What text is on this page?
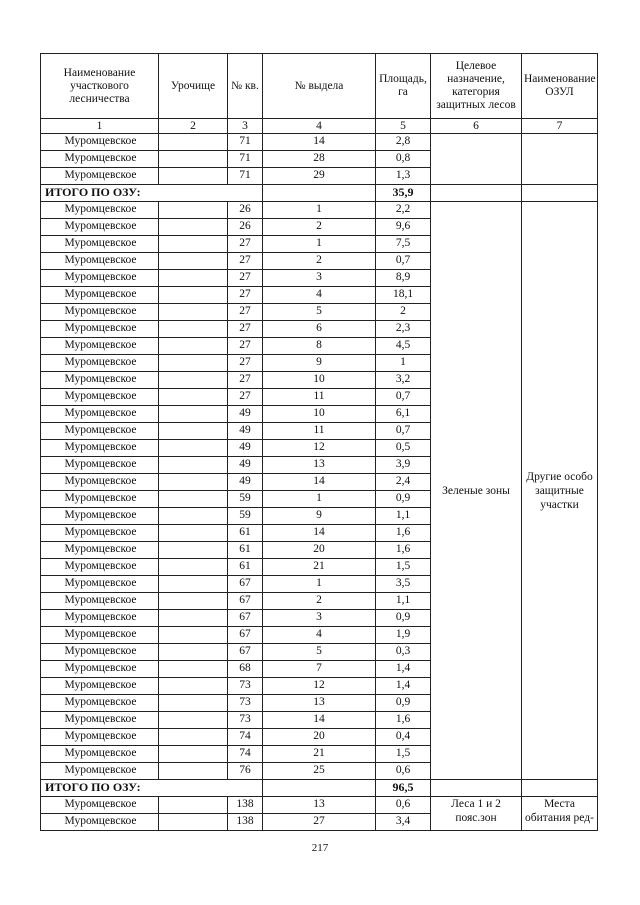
Наименование участкового лесничества	Урочище	№ кв.	№ выдела	Площадь, га	Целевое назначение, категория защитных лесов	Наименование ОЗУЛ
1	2	3	4	5	6	7
Муромцевское		71	14	2,8		
Муромцевское		71	28	0,8		
Муромцевское		71	29	1,3		
ИТОГО ПО ОЗУ:				35,9		
Муромцевское		26	1	2,2	Зеленые зоны	Другие особо защитные участки
Муромцевское		26	2	9,6		
Муромцевское		27	1	7,5		
Муромцевское		27	2	0,7		
Муромцевское		27	3	8,9		
Муромцевское		27	4	18,1		
Муромцевское		27	5	2		
Муромцевское		27	6	2,3		
Муромцевское		27	8	4,5		
Муромцевское		27	9	1		
Муромцевское		27	10	3,2		
Муромцевское		27	11	0,7		
Муромцевское		49	10	6,1		
Муромцевское		49	11	0,7		
Муромцевское		49	12	0,5		
Муромцевское		49	13	3,9		
Муромцевское		49	14	2,4		
Муромцевское		59	1	0,9		
Муромцевское		59	9	1,1		
Муромцевское		61	14	1,6		
Муромцевское		61	20	1,6		
Муромцевское		61	21	1,5		
Муромцевское		67	1	3,5		
Муромцевское		67	2	1,1		
Муромцевское		67	3	0,9		
Муромцевское		67	4	1,9		
Муромцевское		67	5	0,3		
Муромцевское		68	7	1,4		
Муромцевское		73	12	1,4		
Муромцевское		73	13	0,9		
Муромцевское		73	14	1,6		
Муромцевское		74	20	0,4		
Муромцевское		74	21	1,5		
Муромцевское		76	25	0,6		
ИТОГО ПО ОЗУ:				96,5		
Муромцевское		138	13	0,6	Леса 1 и 2 пояс.зон	Места обитания ред-
Муромцевское		138	27	3,4		
217
